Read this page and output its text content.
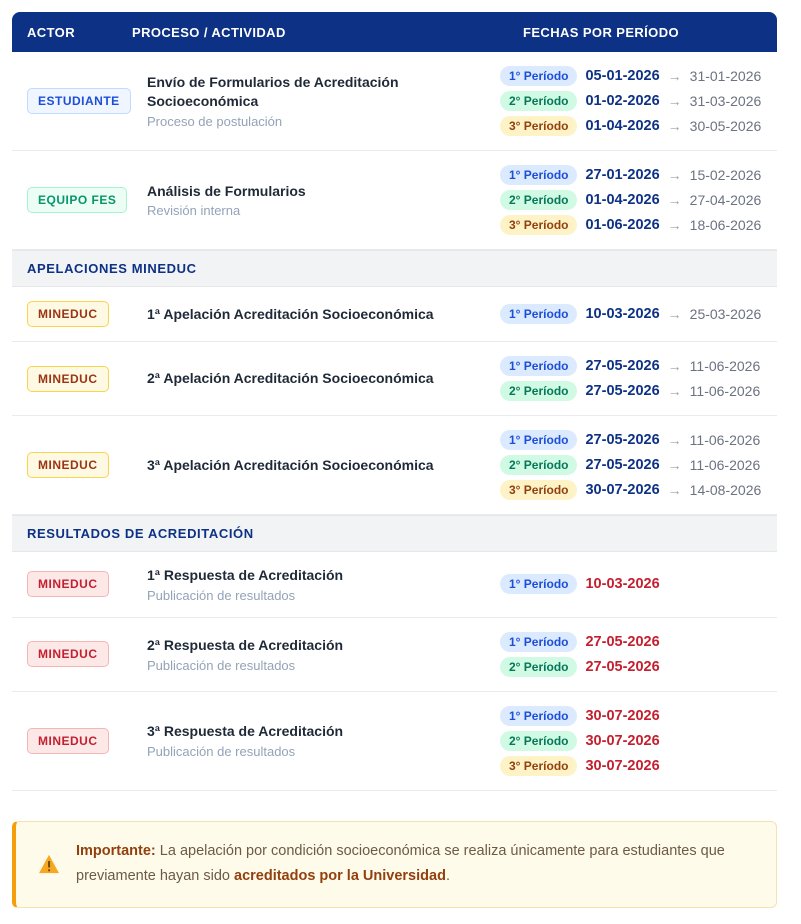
ACTOR	PROCESO / ACTIVIDAD	FECHAS POR PERÍODO
ESTUDIANTE
Envío de Formularios de Acreditación Socioeconómica
Proceso de postulación
1° Período	05-01-2026 → 31-01-2026
2° Período	01-02-2026 → 31-03-2026
3° Período	01-04-2026 → 30-05-2026
EQUIPO FES
Análisis de Formularios
Revisión interna
1° Período	27-01-2026 → 15-02-2026
2° Período	01-04-2026 → 27-04-2026
3° Período	01-06-2026 → 18-06-2026
APELACIONES MINEDUC
MINEDUC	1ª Apelación Acreditación Socioeconómica	1° Período	10-03-2026 → 25-03-2026
MINEDUC	2ª Apelación Acreditación Socioeconómica
1° Período	27-05-2026 → 11-06-2026
2° Período	27-05-2026 → 11-06-2026
MINEDUC	3ª Apelación Acreditación Socioeconómica
1° Período	27-05-2026 → 11-06-2026
2° Período	27-05-2026 → 11-06-2026
3° Período	30-07-2026 → 14-08-2026
RESULTADOS DE ACREDITACIÓN
MINEDUC
1ª Respuesta de Acreditación
Publicación de resultados
1° Período	10-03-2026
MINEDUC
2ª Respuesta de Acreditación
Publicación de resultados
1° Período	27-05-2026
2° Período	27-05-2026
MINEDUC
3ª Respuesta de Acreditación
Publicación de resultados
1° Período	30-07-2026
2° Período	30-07-2026
3° Período	30-07-2026
Importante: La apelación por condición socioeconómica se realiza únicamente para estudiantes que previamente hayan sido acreditados por la Universidad.
